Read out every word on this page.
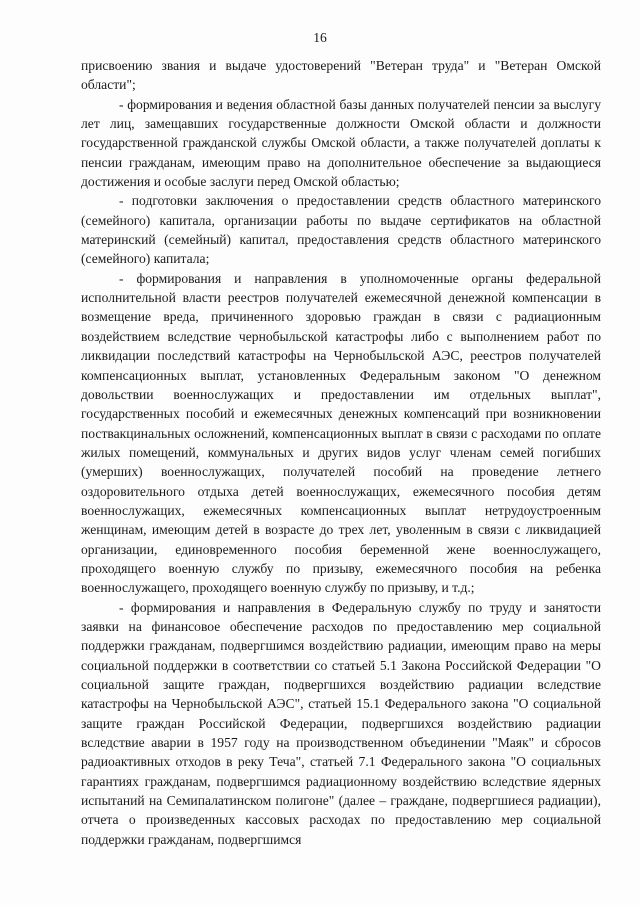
16

присвоению звания и выдаче удостоверений "Ветеран труда" и "Ветеран Омской области";

- формирования и ведения областной базы данных получателей пенсии за выслугу лет лиц, замещавших государственные должности Омской области и должности государственной гражданской службы Омской области, а также получателей доплаты к пенсии гражданам, имеющим право на дополнительное обеспечение за выдающиеся достижения и особые заслуги перед Омской областью;

- подготовки заключения о предоставлении средств областного материнского (семейного) капитала, организации работы по выдаче сертификатов на областной материнский (семейный) капитал, предоставления средств областного материнского (семейного) капитала;

- формирования и направления в уполномоченные органы федеральной исполнительной власти реестров получателей ежемесячной денежной компенсации в возмещение вреда, причиненного здоровью граждан в связи с радиационным воздействием вследствие чернобыльской катастрофы либо с выполнением работ по ликвидации последствий катастрофы на Чернобыльской АЭС, реестров получателей компенсационных выплат, установленных Федеральным законом "О денежном довольствии военнослужащих и предоставлении им отдельных выплат", государственных пособий и ежемесячных денежных компенсаций при возникновении поствакцинальных осложнений, компенсационных выплат в связи с расходами по оплате жилых помещений, коммунальных и других видов услуг членам семей погибших (умерших) военнослужащих, получателей пособий на проведение летнего оздоровительного отдыха детей военнослужащих, ежемесячного пособия детям военнослужащих, ежемесячных компенсационных выплат нетрудоустроенным женщинам, имеющим детей в возрасте до трех лет, уволенным в связи с ликвидацией организации, единовременного пособия беременной жене военнослужащего, проходящего военную службу по призыву, ежемесячного пособия на ребенка военнослужащего, проходящего военную службу по призыву, и т.д.;

- формирования и направления в Федеральную службу по труду и занятости заявки на финансовое обеспечение расходов по предоставлению мер социальной поддержки гражданам, подвергшимся воздействию радиации, имеющим право на меры социальной поддержки в соответствии со статьей 5.1 Закона Российской Федерации "О социальной защите граждан, подвергшихся воздействию радиации вследствие катастрофы на Чернобыльской АЭС", статьей 15.1 Федерального закона "О социальной защите граждан Российской Федерации, подвергшихся воздействию радиации вследствие аварии в 1957 году на производственном объединении "Маяк" и сбросов радиоактивных отходов в реку Теча", статьей 7.1 Федерального закона "О социальных гарантиях гражданам, подвергшимся радиационному воздействию вследствие ядерных испытаний на Семипалатинском полигоне" (далее – граждане, подвергшиеся радиации), отчета о произведенных кассовых расходах по предоставлению мер социальной поддержки гражданам, подвергшимся
